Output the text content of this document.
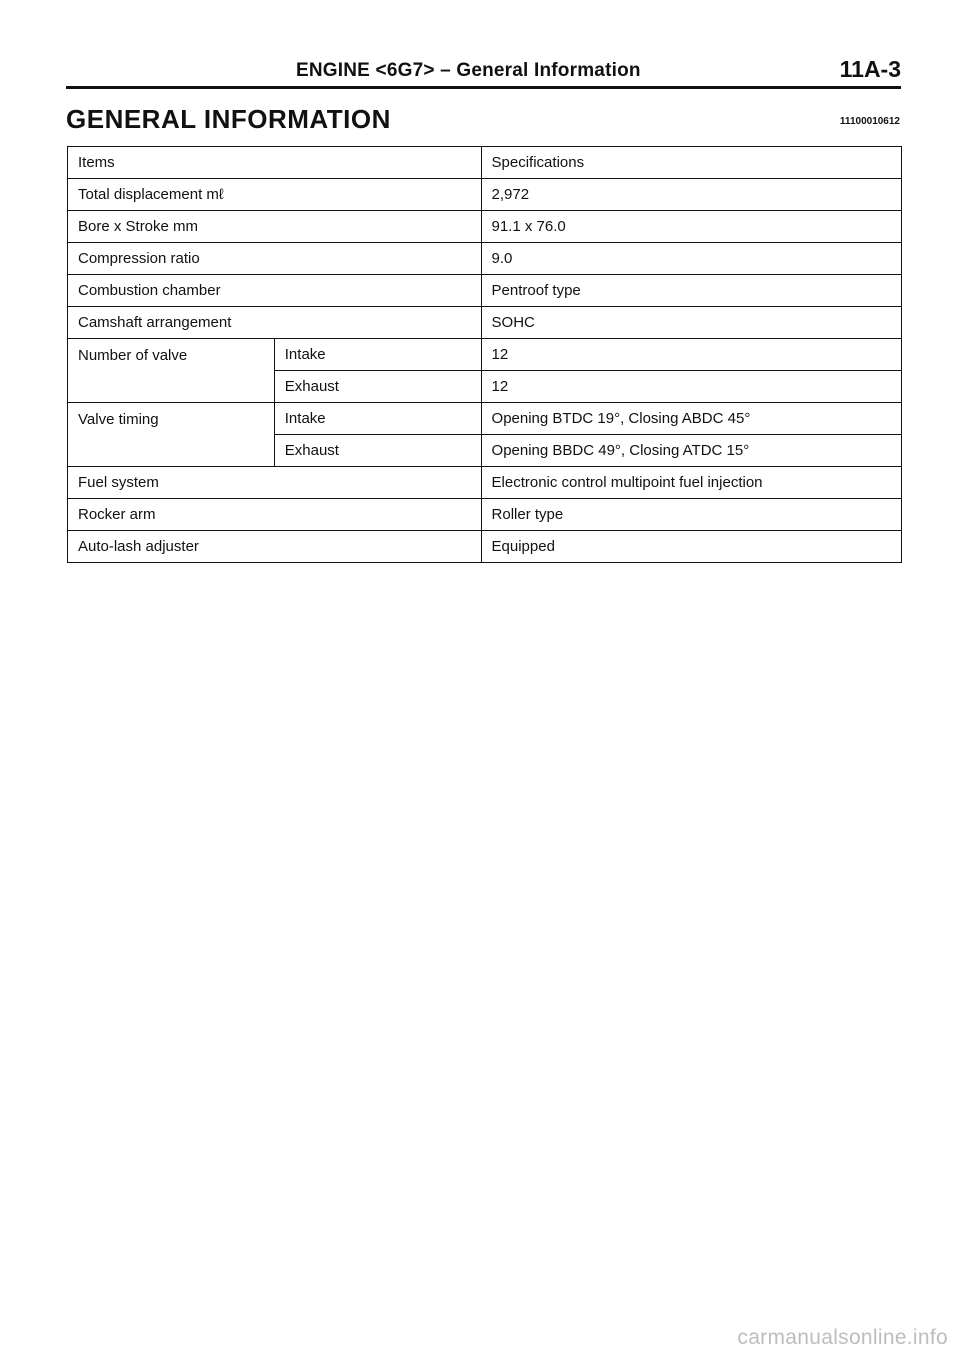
ENGINE <6G7> – General Information	11A-3
GENERAL INFORMATION	11100010612
Items		Specifications
Total displacement mℓ		2,972
Bore x Stroke mm		91.1 x 76.0
Compression ratio		9.0
Combustion chamber		Pentroof type
Camshaft arrangement		SOHC
Number of valve	Intake	12
	Exhaust	12
Valve timing	Intake	Opening BTDC 19°, Closing ABDC 45°
	Exhaust	Opening BBDC 49°, Closing ATDC 15°
Fuel system		Electronic control multipoint fuel injection
Rocker arm		Roller type
Auto-lash adjuster		Equipped
carmanualsonline.info
